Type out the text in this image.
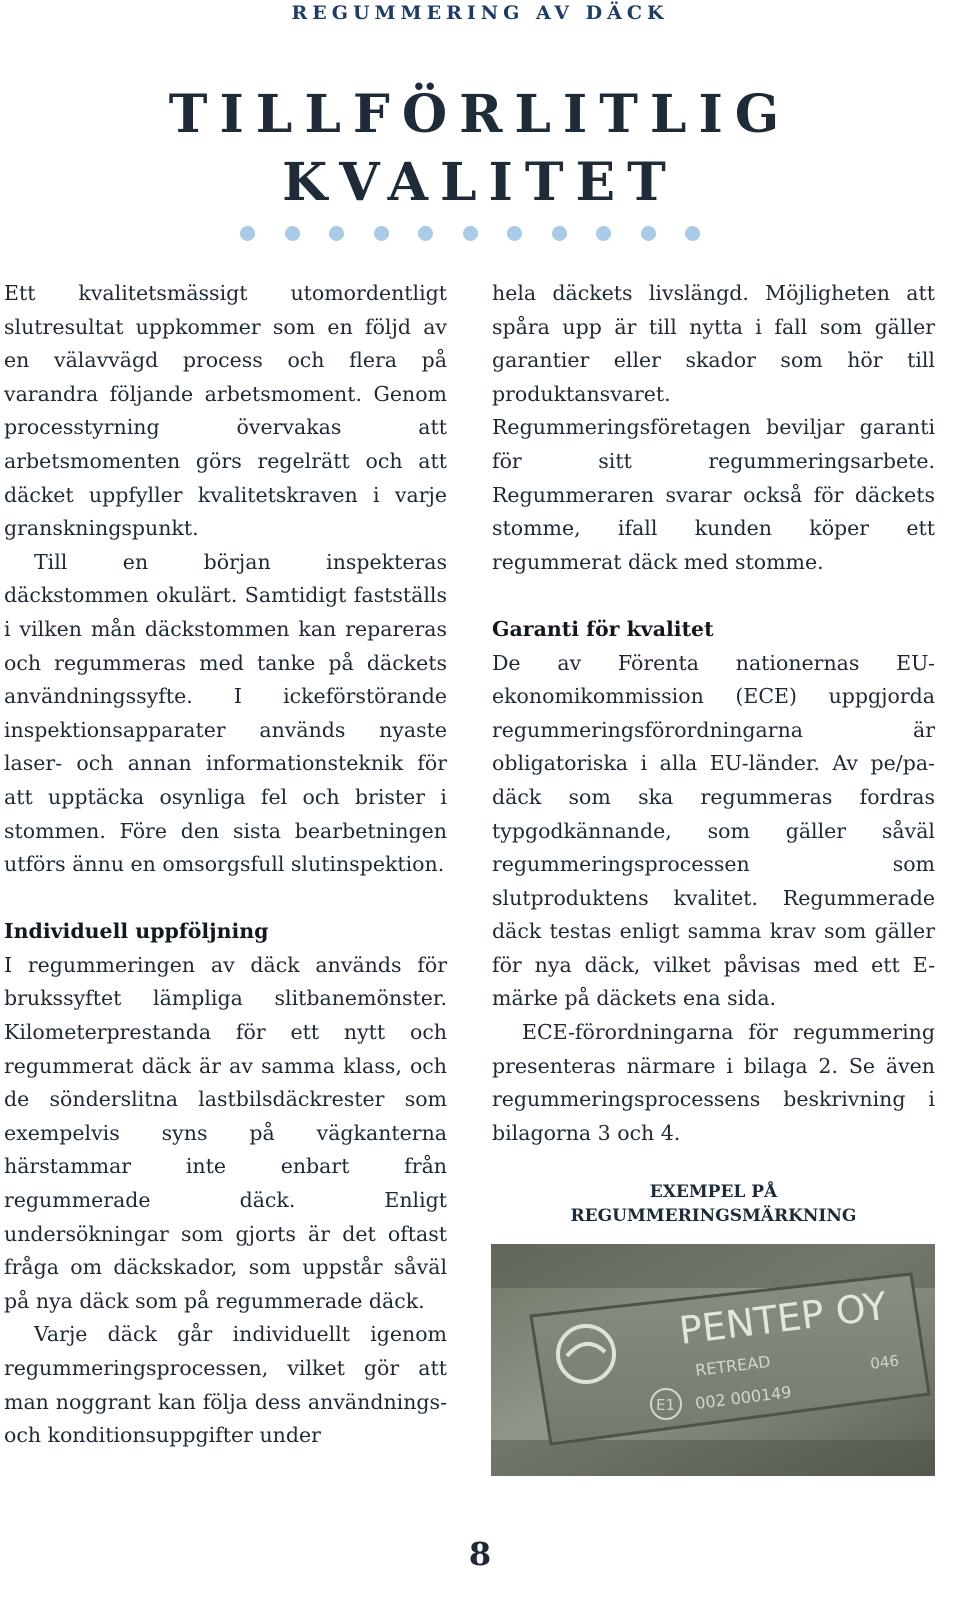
REGUMMERING AV DÄCK
TILLFÖRLITLIG
KVALITET

Ett kvalitetsmässigt utomordentligt slutresultat uppkommer som en följd av en välavvägd process och flera på varandra följande arbetsmoment. Genom processtyrning övervakas att arbetsmomenten görs regelrätt och att däcket uppfyller kvalitetskraven i varje granskningspunkt.

Till en början inspekteras däckstommen okulärt. Samtidigt fastställs i vilken mån däckstommen kan repareras och regummeras med tanke på däckets användningssyfte. I ickeförstörande inspektionsapparater används nyaste laser- och annan informationsteknik för att upptäcka osynliga fel och brister i stommen. Före den sista bearbetningen utförs ännu en omsorgsfull slutinspektion.

Individuell uppföljning

I regummeringen av däck används för brukssyftet lämpliga slitbanemönster. Kilometerprestanda för ett nytt och regummerat däck är av samma klass, och de sönderslitna lastbilsdäckrester som exempelvis syns på vägkanterna härstammar inte enbart från regummerade däck. Enligt undersökningar som gjorts är det oftast fråga om däckskador, som uppstår såväl på nya däck som på regummerade däck.

Varje däck går individuellt igenom regummeringsprocessen, vilket gör att man noggrant kan följa dess användnings- och konditionsuppgifter under

hela däckets livslängd. Möjligheten att spåra upp är till nytta i fall som gäller garantier eller skador som hör till produktansvaret. Regummeringsföretagen beviljar garanti för sitt regummeringsarbete. Regummeraren svarar också för däckets stomme, ifall kunden köper ett regummerat däck med stomme.

Garanti för kvalitet

De av Förenta nationernas EU-ekonomikommission (ECE) uppgjorda regummeringsförordningarna är obligatoriska i alla EU-länder. Av pe/pa-däck som ska regummeras fordras typgodkännande, som gäller såväl regummeringsprocessen som slutproduktens kvalitet. Regummerade däck testas enligt samma krav som gäller för nya däck, vilket påvisas med ett E-märke på däckets ena sida.

ECE-förordningarna för regummering presenteras närmare i bilaga 2. Se även regummeringsprocessens beskrivning i bilagorna 3 och 4.

EXEMPEL PÅ
REGUMMERINGSMÄRKNING
PENTEP OY
RETREAD
E1 002 000149
046
8
